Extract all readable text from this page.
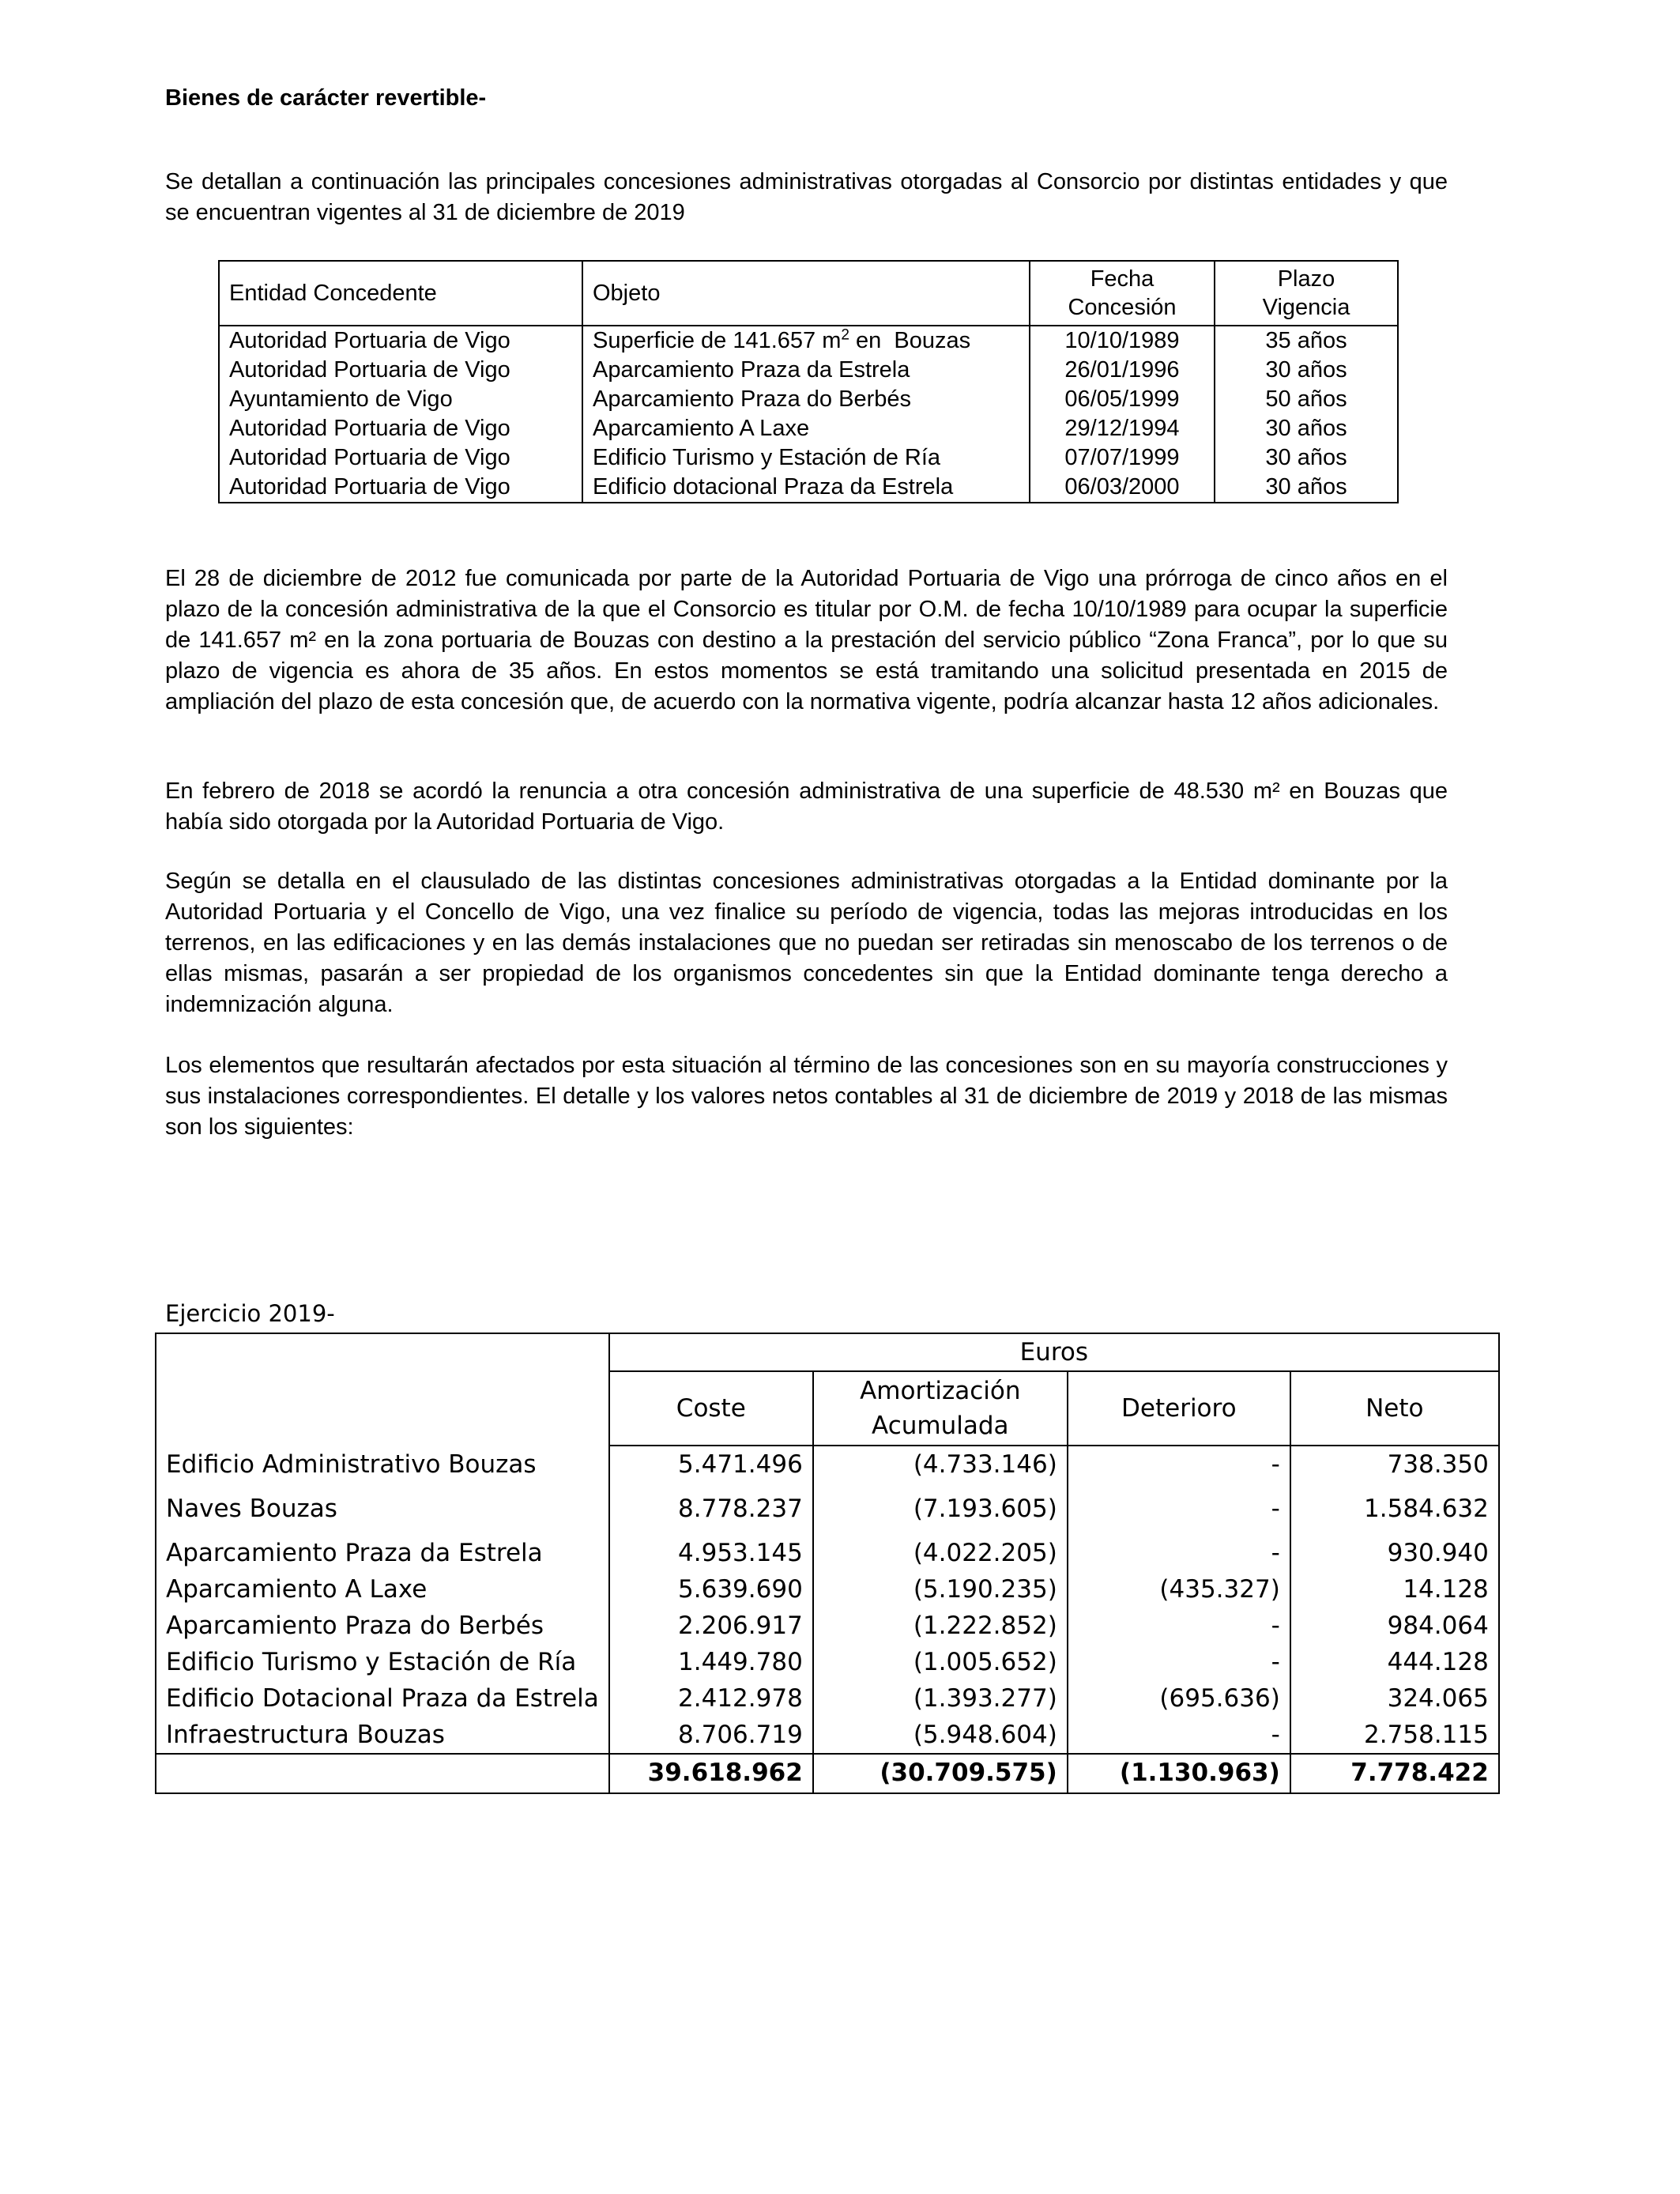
Bienes de carácter revertible-
Se detallan a continuación las principales concesiones administrativas otorgadas al Consorcio por distintas entidades y que se encuentran vigentes al 31 de diciembre de 2019
Entidad Concedente	Objeto	Fecha Concesión	Plazo Vigencia
Autoridad Portuaria de Vigo	Superficie de 141.657 $m^2$ en  Bouzas	10/10/1989	35 años
Autoridad Portuaria de Vigo	Aparcamiento Praza da Estrela	26/01/1996	30 años
Ayuntamiento de Vigo	Aparcamiento Praza do Berbés	06/05/1999	50 años
Autoridad Portuaria de Vigo	Aparcamiento A Laxe	29/12/1994	30 años
Autoridad Portuaria de Vigo	Edificio Turismo y Estación de Ría	07/07/1999	30 años
Autoridad Portuaria de Vigo	Edificio dotacional Praza da Estrela	06/03/2000	30 años
El 28 de diciembre de 2012 fue comunicada por parte de la Autoridad Portuaria de Vigo una prórroga de cinco años en el plazo de la concesión administrativa de la que el Consorcio es titular por O.M. de fecha 10/10/1989 para ocupar la superficie de 141.657 m² en la zona portuaria de Bouzas con destino a la prestación del servicio público “Zona Franca”, por lo que su plazo de vigencia es ahora de 35 años. En estos momentos se está tramitando una solicitud presentada en 2015 de ampliación del plazo de esta concesión que, de acuerdo con la normativa vigente, podría alcanzar hasta 12 años adicionales.
En febrero de 2018 se acordó la renuncia a otra concesión administrativa de una superficie de 48.530 m² en Bouzas que había sido otorgada por la Autoridad Portuaria de Vigo.
Según se detalla en el clausulado de las distintas concesiones administrativas otorgadas a la Entidad dominante por la Autoridad Portuaria y el Concello de Vigo, una vez finalice su período de vigencia, todas las mejoras introducidas en los terrenos, en las edificaciones y en las demás instalaciones que no puedan ser retiradas sin menoscabo de los terrenos o de ellas mismas, pasarán a ser propiedad de los organismos concedentes sin que la Entidad dominante tenga derecho a indemnización alguna.
Los elementos que resultarán afectados por esta situación al término de las concesiones son en su mayoría construcciones y sus instalaciones correspondientes. El detalle y los valores netos contables al 31 de diciembre de 2019 y 2018 de las mismas son los siguientes:
Ejercicio 2019-
	Euros			
	Coste	Amortización Acumulada	Deterioro	Neto
Edificio Administrativo Bouzas	5.471.496	(4.733.146)	-	738.350
Naves Bouzas	8.778.237	(7.193.605)	-	1.584.632
Aparcamiento Praza da Estrela	4.953.145	(4.022.205)	-	930.940
Aparcamiento A Laxe	5.639.690	(5.190.235)	(435.327)	14.128
Aparcamiento Praza do Berbés	2.206.917	(1.222.852)	-	984.064
Edificio Turismo y Estación de Ría	1.449.780	(1.005.652)	-	444.128
Edificio Dotacional Praza da Estrela	2.412.978	(1.393.277)	(695.636)	324.065
Infraestructura Bouzas	8.706.719	(5.948.604)	-	2.758.115
	39.618.962	(30.709.575)	(1.130.963)	7.778.422
